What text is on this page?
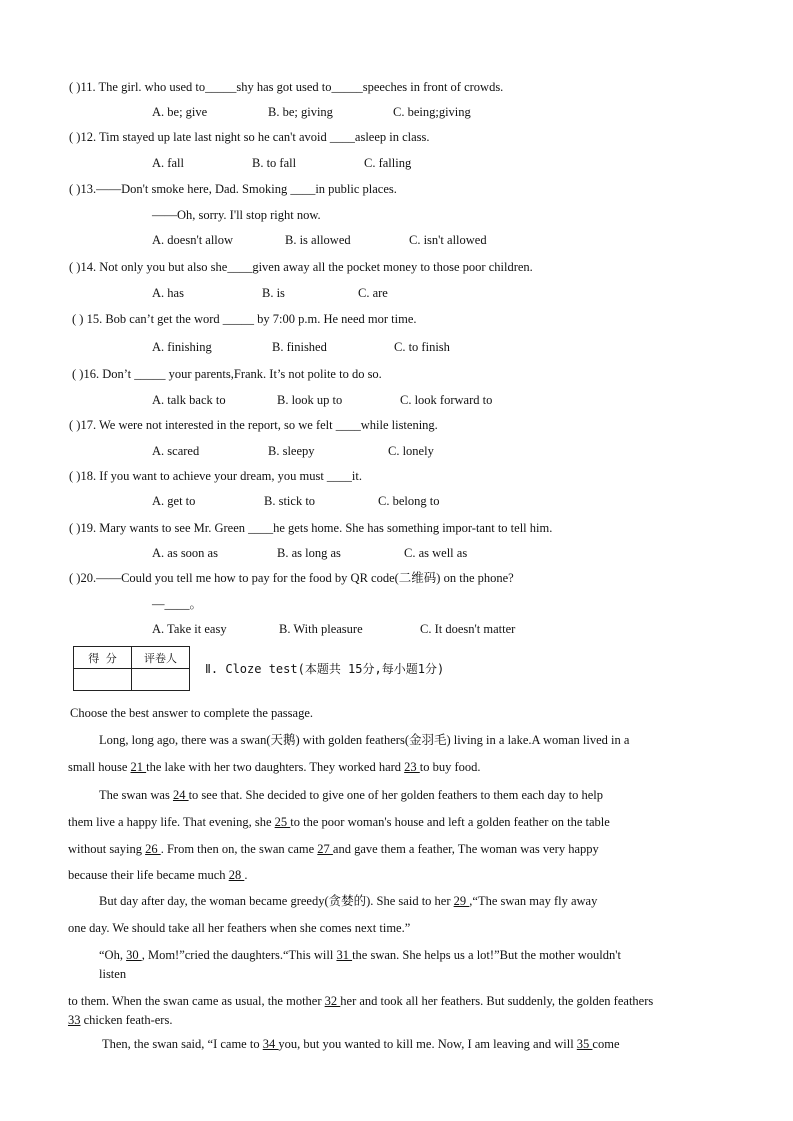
( )11. The girl. who used to_____shy has got used to_____speeches in front of crowds.
A. be; give	B. be; giving	C. being;giving
( )12. Tim stayed up late last night so he can't avoid ____asleep in class.
A. fall	B. to fall	C. falling
( )13.——Don't smoke here, Dad. Smoking ____in public places.
——Oh, sorry. I'll stop right now.
A. doesn't allow	B. is allowed	C. isn't allowed
( )14. Not only you but also she____given away all the pocket money to those poor children.
A. has	B. is	C. are
( ) 15. Bob can’t get the word _____ by 7:00 p.m. He need mor time.
A. finishing	B. finished	C. to finish
( )16. Don’t _____ your parents,Frank. It’s not polite to do so.
A. talk back to	B. look up to	C. look forward to
( )17. We were not interested in the report, so we felt ____while listening.
A. scared	B. sleepy	C. lonely
( )18. If you want to achieve your dream, you must ____it.
A. get to	B. stick to	C. belong to
( )19. Mary wants to see Mr. Green ____he gets home. She has something impor-tant to tell him.
A. as soon as	B. as long as	C. as well as
( )20.——Could you tell me how to pay for the food by QR code(二维码) on the phone?
—____。
A. Take it easy	B. With pleasure	C. It doesn't matter
得 分	评卷人

Ⅱ. Cloze test(本题共 15分,每小题1分)
Choose the best answer to complete the passage.
Long, long ago, there was a swan(天鹅) with golden feathers(金羽毛) living in a lake.A woman lived in a
small house 21 the lake with her two daughters. They worked hard 23 to buy food.
The swan was 24 to see that. She decided to give one of her golden feathers to them each day to help
them live a happy life. That evening, she 25 to the poor woman's house and left a golden feather on the table
without saying 26 . From then on, the swan came 27 and gave them a feather, The woman was very happy
because their life became much 28 .
But day after day, the woman became greedy(贪婪的). She said to her 29 ,“The swan may fly away
one day. We should take all her feathers when she comes next time.”
“Oh, 30 , Mom!”cried the daughters.“This will 31 the swan. She helps us a lot!”But the mother wouldn't
listen
to them. When the swan came as usual, the mother 32 her and took all her feathers. But suddenly, the golden feathers
33 chicken feath-ers.
Then, the swan said, “I came to 34 you, but you wanted to kill me. Now, I am leaving and will 35 come
